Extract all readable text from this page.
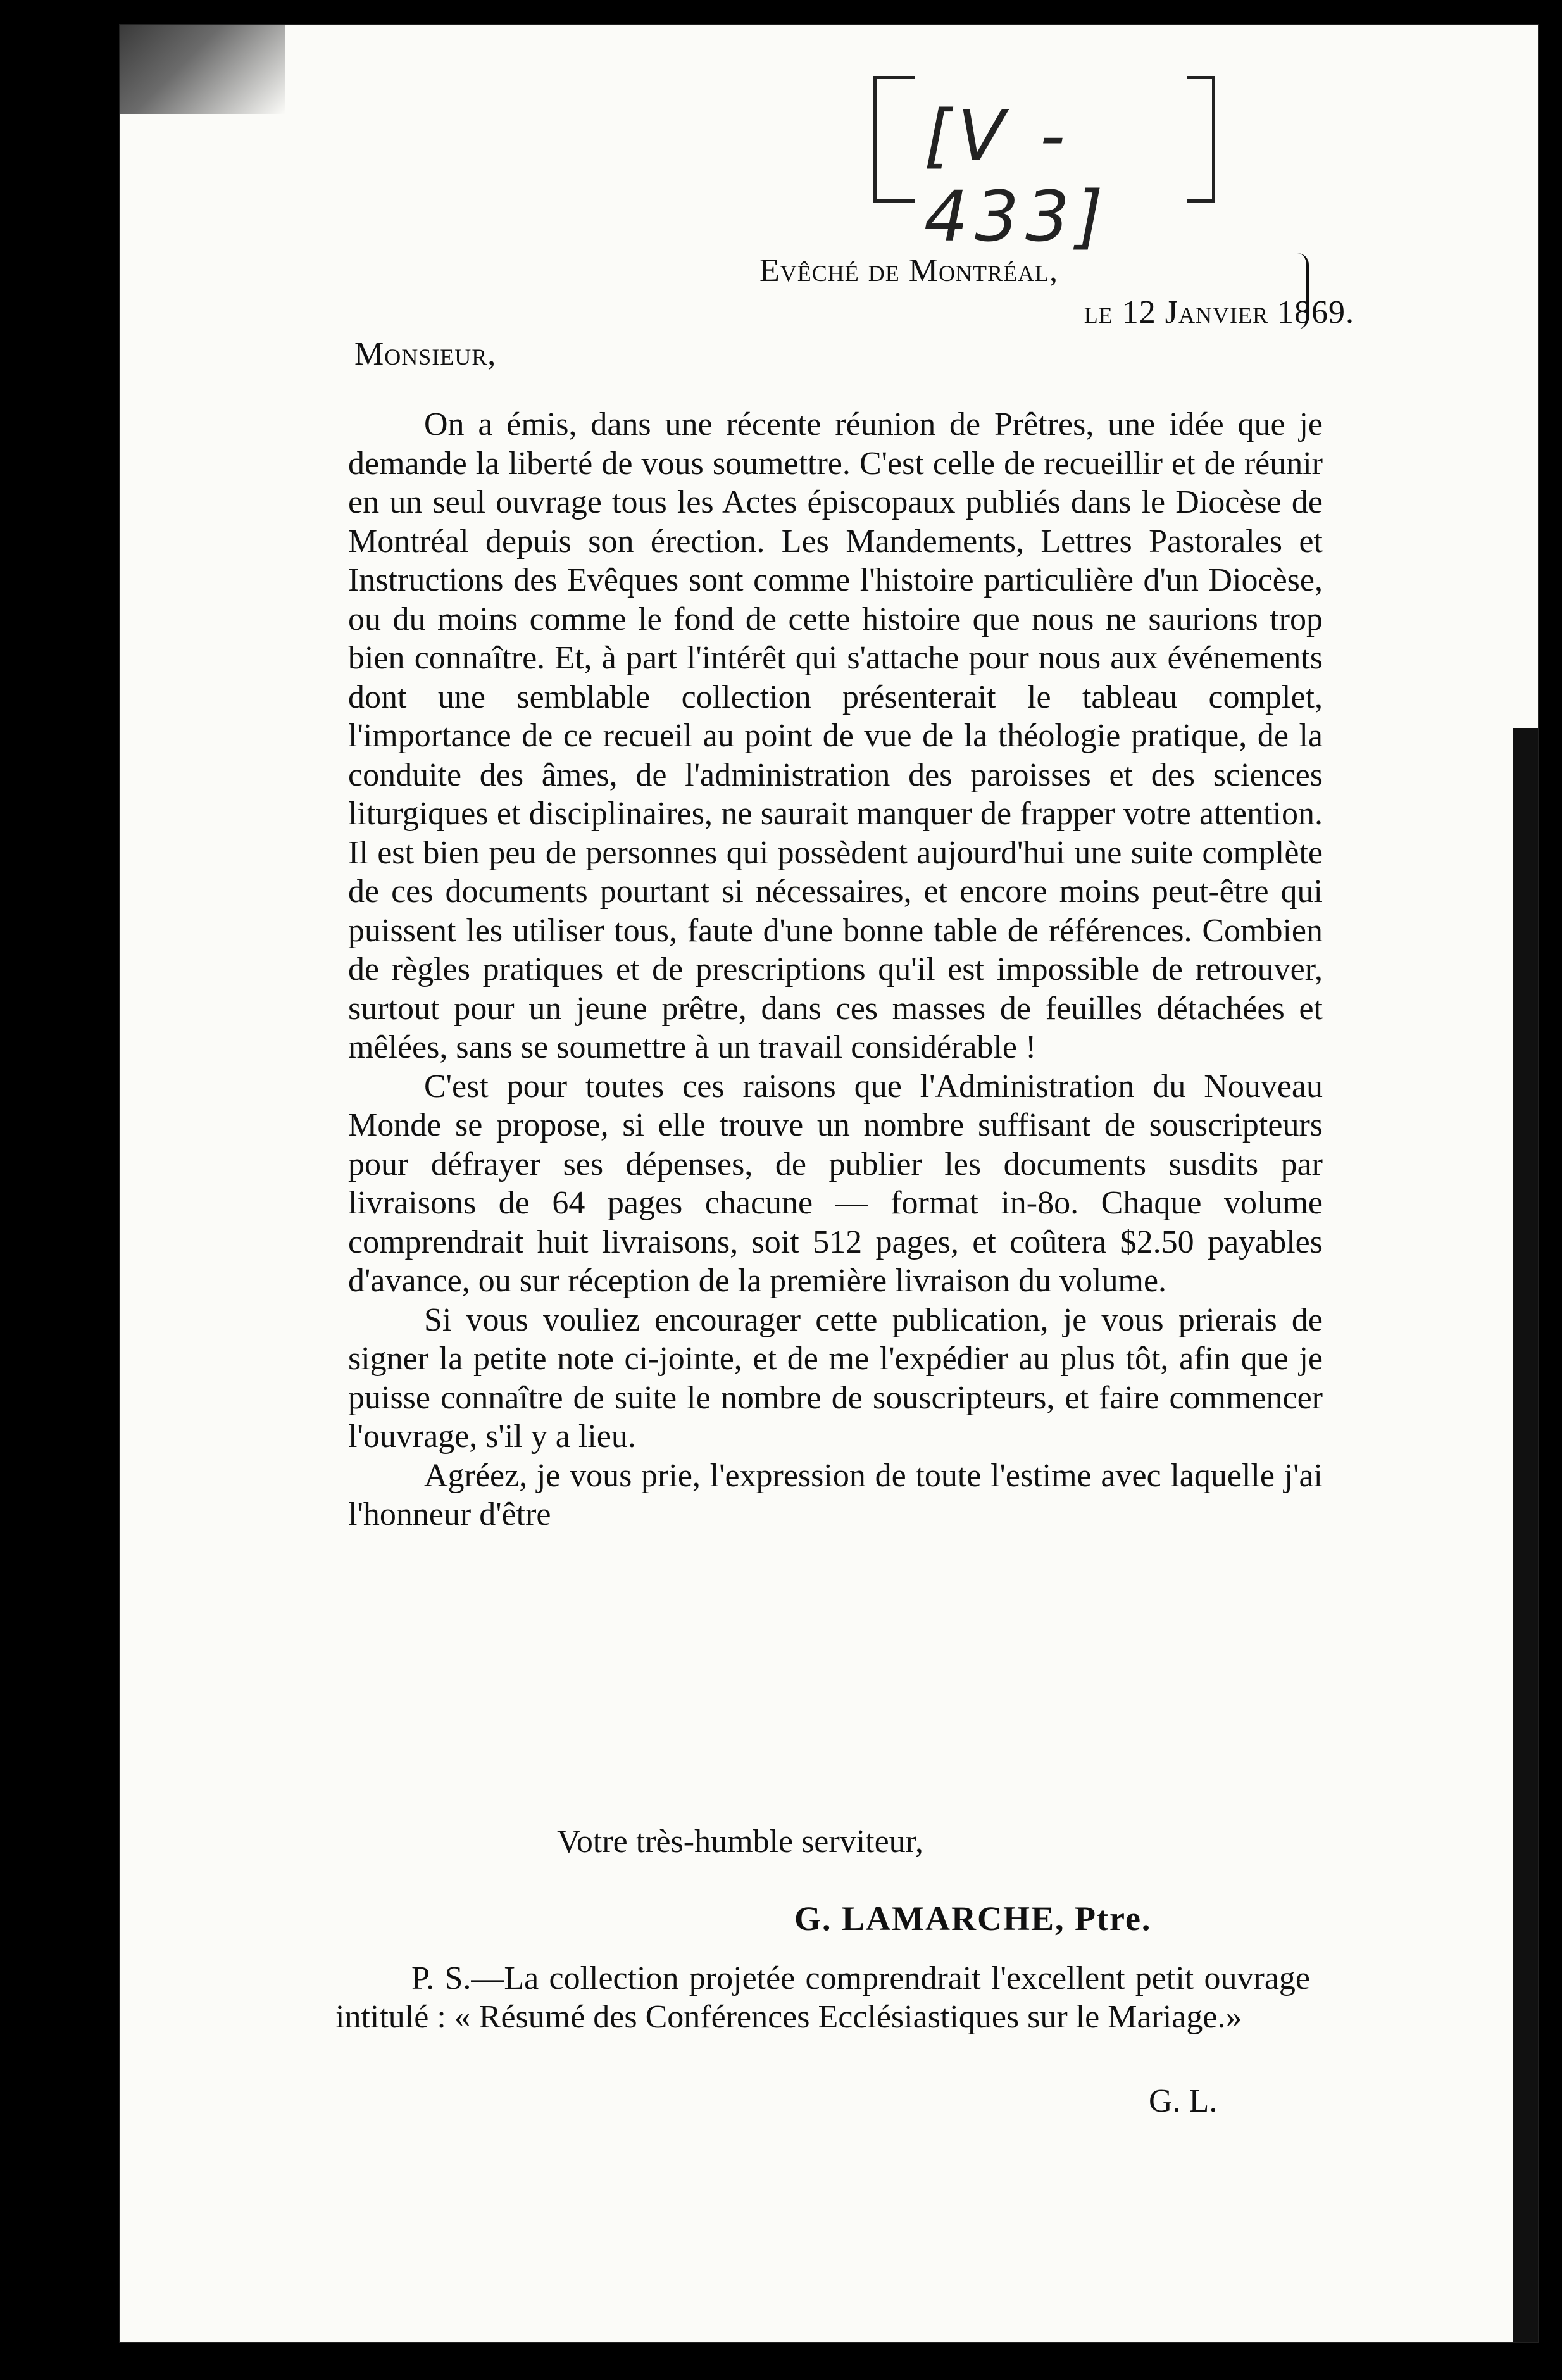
[V - 433]
Evêché de Montréal,
le 12 Janvier 1869.
Monsieur,

On a émis, dans une récente réunion de Prêtres, une idée que je demande la liberté de vous soumettre. C'est celle de recueillir et de réunir en un seul ouvrage tous les Actes épiscopaux publiés dans le Diocèse de Montréal depuis son érection. Les Mandements, Lettres Pastorales et Instructions des Evêques sont comme l'histoire particulière d'un Diocèse, ou du moins comme le fond de cette histoire que nous ne saurions trop bien connaître. Et, à part l'intérêt qui s'attache pour nous aux événements dont une semblable collection présenterait le tableau complet, l'importance de ce recueil au point de vue de la théologie pratique, de la conduite des âmes, de l'administration des paroisses et des sciences liturgiques et disciplinaires, ne saurait manquer de frapper votre attention. Il est bien peu de personnes qui possèdent aujourd'hui une suite complète de ces documents pourtant si nécessaires, et encore moins peut-être qui puissent les utiliser tous, faute d'une bonne table de références. Combien de règles pratiques et de prescriptions qu'il est impossible de retrouver, surtout pour un jeune prêtre, dans ces masses de feuilles détachées et mêlées, sans se soumettre à un travail considérable !

C'est pour toutes ces raisons que l'Administration du Nouveau Monde se propose, si elle trouve un nombre suffisant de souscripteurs pour défrayer ses dépenses, de publier les documents susdits par livraisons de 64 pages chacune — format in-8o. Chaque volume comprendrait huit livraisons, soit 512 pages, et coûtera $2.50 payables d'avance, ou sur réception de la première livraison du volume.

Si vous vouliez encourager cette publication, je vous prierais de signer la petite note ci-jointe, et de me l'expédier au plus tôt, afin que je puisse connaître de suite le nombre de souscripteurs, et faire commencer l'ouvrage, s'il y a lieu.

Agréez, je vous prie, l'expression de toute l'estime avec laquelle j'ai l'honneur d'être

Votre très-humble serviteur,
G. LAMARCHE, Ptre.

P. S.—La collection projetée comprendrait l'excellent petit ouvrage intitulé : « Résumé des Conférences Ecclésiastiques sur le Mariage.»

G. L.
